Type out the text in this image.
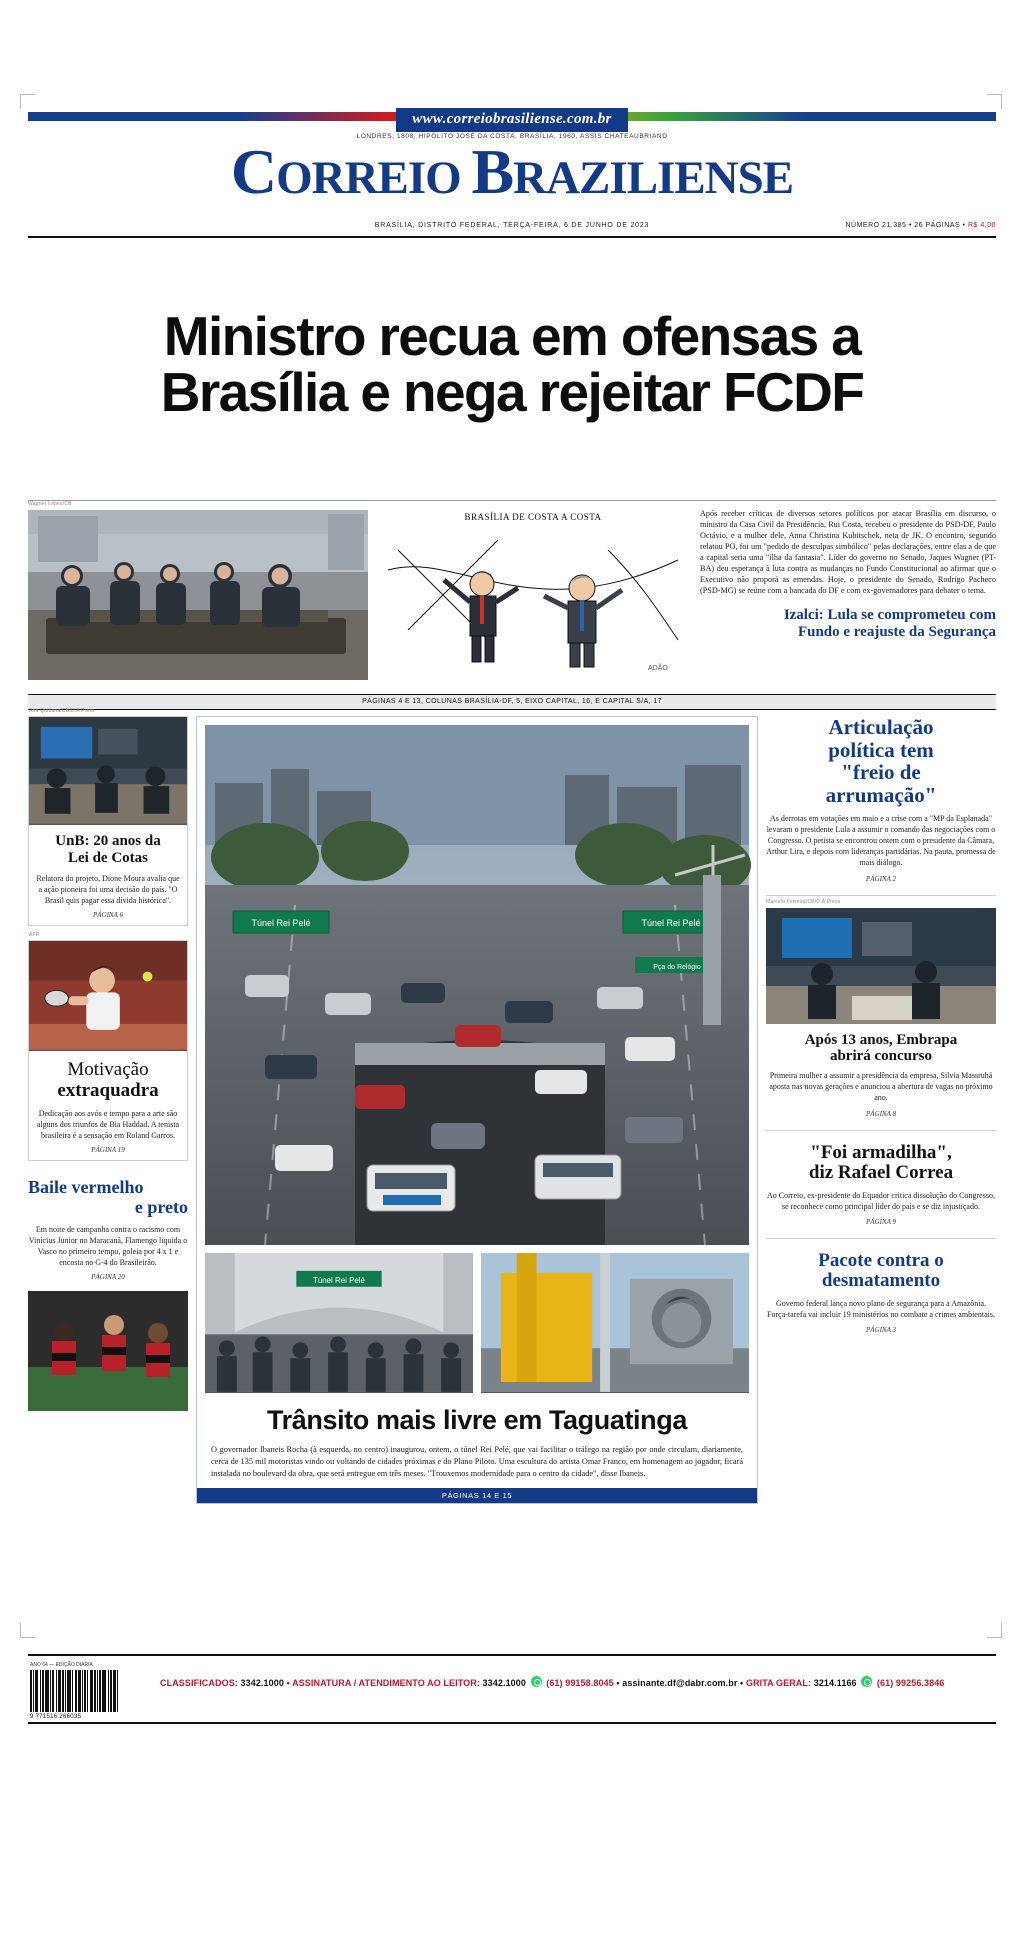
www.correiobrasiliense.com.br
LONDRES, 1808, HIPÓLITO JOSÉ DA COSTA. BRASÍLIA, 1960, ASSIS CHATEAUBRIAND
CORREIO BRAZILIENSE
BRASÍLIA, DISTRITO FEDERAL, TERÇA-FEIRA, 6 DE JUNHO DE 2023	NÚMERO 21.385 • 26 PÁGINAS • R$ 4,00
Ministro recua em ofensas a
Brasília e nega rejeitar FCDF
Wagner Lopes/CB
BRASÍLIA DE COSTA A COSTA
ADÃO

Após receber críticas de diversos setores políticos por atacar Brasília em discurso, o ministro da Casa Civil da Presidência, Rui Costa, recebeu o presidente do PSD-DF, Paulo Octávio, e a mulher dele, Anna Christina Kubitschek, neta de JK. O encontro, segundo relatou PO, foi um "pedido de desculpas simbólico" pelas declarações, entre elas a de que a capital seria uma "ilha da fantasia". Líder do governo no Senado, Jaques Wagner (PT-BA) deu esperança à luta contra as mudanças no Fundo Constitucional ao afirmar que o Executivo não proporá as emendas. Hoje, o presidente do Senado, Rodrigo Pacheco (PSD-MG) se reúne com a bancada do DF e com ex-governadores para debater o tema.

Izalci: Lula se comprometeu com
Fundo e reajuste da Segurança
PÁGINAS 4 E 13, COLUNAS BRASÍLIA-DF, 5, EIXO CAPITAL, 16, E CAPITAL S/A, 17
Ana Quitiana/CB/D.A Press
UnB: 20 anos da
Lei de Cotas
Relatora do projeto, Dione Moura avalia que a ação pioneira foi uma decisão do país. "O Brasil quis pagar essa dívida histórica".
PÁGINA 6
AFP
Motivação
extraquadra
Dedicação aos avós e tempo para a arte são alguns dos triunfos de Bia Haddad. A tenista brasileira é a sensação em Roland Garros.
PÁGINA 19
Baile vermelho
e preto
Em noite de campanha contra o racismo com Vinícius Junior no Maracanã, Flamengo liquida o Vasco no primeiro tempo, goleia por 4 x 1 e encosta no G-4 do Brasileirão.
PÁGINA 20
Túnel Rei Pelé	Túnel Rei Pelé
Pça do Relógio
Túnel Rei Pelé
Trânsito mais livre em Taguatinga
O governador Ibaneis Rocha (à esquerda, no centro) inaugurou, ontem, o túnel Rei Pelé, que vai facilitar o tráfego na região por onde circulam, diariamente, cerca de 135 mil motoristas vindo ou voltando de cidades próximas e do Plano Piloto. Uma escultura do artista Omar Franco, em homenagem ao jogador, ficará instalada no boulevard da obra, que será entregue em três meses. "Trouxemos modernidade para o centro da cidade", disse Ibaneis.
PÁGINAS 14 E 15
Articulação
política tem
"freio de
arrumação"
As derrotas em votações em maio e a crise com a "MP da Esplanada" levaram o presidente Lula a assumir o comando das negociações com o Congresso. O petista se encontrou ontem com o presidente da Câmara, Arthur Lira, e depois com lideranças partidárias. Na pauta, promessa de mais diálogo.
PÁGINA 2
Marcelo Ferreira/CB/D.A Press
Após 13 anos, Embrapa
abrirá concurso
Primeira mulher a assumir a presidência da empresa, Silvia Massruhá aposta nas novas gerações e anunciou a abertura de vagas no próximo ano.
PÁGINA 8
"Foi armadilha",
diz Rafael Correa
Ao Correio, ex-presidente do Equador critica dissolução do Congresso, se reconhece como principal líder do país e se diz injustiçado.
PÁGINA 9
Pacote contra o
desmatamento
Governo federal lança novo plano de segurança para a Amazônia. Força-tarefa vai incluir 19 ministérios no combate a crimes ambientais.
PÁGINA 3
ANO 64 — EDIÇÃO DIÁRIA
9 771516 266035
CLASSIFICADOS: 3342.1000 • ASSINATURA / ATENDIMENTO AO LEITOR: 3342.1000 (61) 99158.8045 • assinante.df@dabr.com.br • GRITA GERAL: 3214.1166 (61) 99256.3846
